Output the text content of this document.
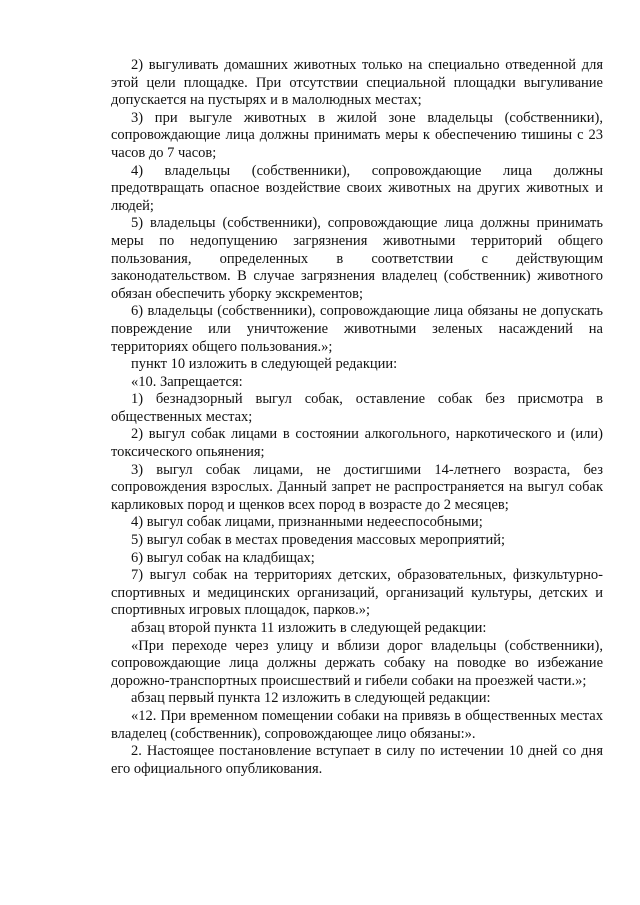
2) выгуливать домашних животных только на специально отведенной для этой цели площадке. При отсутствии специальной площадки выгуливание допускается на пустырях и в малолюдных местах;

3) при выгуле животных в жилой зоне владельцы (собственники), сопровождающие лица должны принимать меры к обеспечению тишины с 23 часов до 7 часов;

4) владельцы (собственники), сопровождающие лица должны предотвращать опасное воздействие своих животных на других животных и людей;

5) владельцы (собственники), сопровождающие лица должны принимать меры по недопущению загрязнения животными территорий общего пользования, определенных в соответствии с действующим законодательством. В случае загрязнения владелец (собственник) животного обязан обеспечить уборку экскрементов;

6) владельцы (собственники), сопровождающие лица обязаны не допускать повреждение или уничтожение животными зеленых насаждений на территориях общего пользования.»;

пункт 10 изложить в следующей редакции:

«10. Запрещается:

1) безнадзорный выгул собак, оставление собак без присмотра в общественных местах;

2) выгул собак лицами в состоянии алкогольного, наркотического и (или) токсического опьянения;

3) выгул собак лицами, не достигшими 14-летнего возраста, без сопровождения взрослых. Данный запрет не распространяется на выгул собак карликовых пород и щенков всех пород в возрасте до 2 месяцев;

4) выгул собак лицами, признанными недееспособными;

5) выгул собак в местах проведения массовых мероприятий;

6) выгул собак на кладбищах;

7) выгул собак на территориях детских, образовательных, физкультурно-спортивных и медицинских организаций, организаций культуры, детских и спортивных игровых площадок, парков.»;

абзац второй пункта 11 изложить в следующей редакции:

«При переходе через улицу и вблизи дорог владельцы (собственники), сопровождающие лица должны держать собаку на поводке во избежание дорожно-транспортных происшествий и гибели собаки на проезжей части.»;

абзац первый пункта 12 изложить в следующей редакции:

«12. При временном помещении собаки на привязь в общественных местах владелец (собственник), сопровождающее лицо обязаны:».

2. Настоящее постановление вступает в силу по истечении 10 дней со дня его официального опубликования.
